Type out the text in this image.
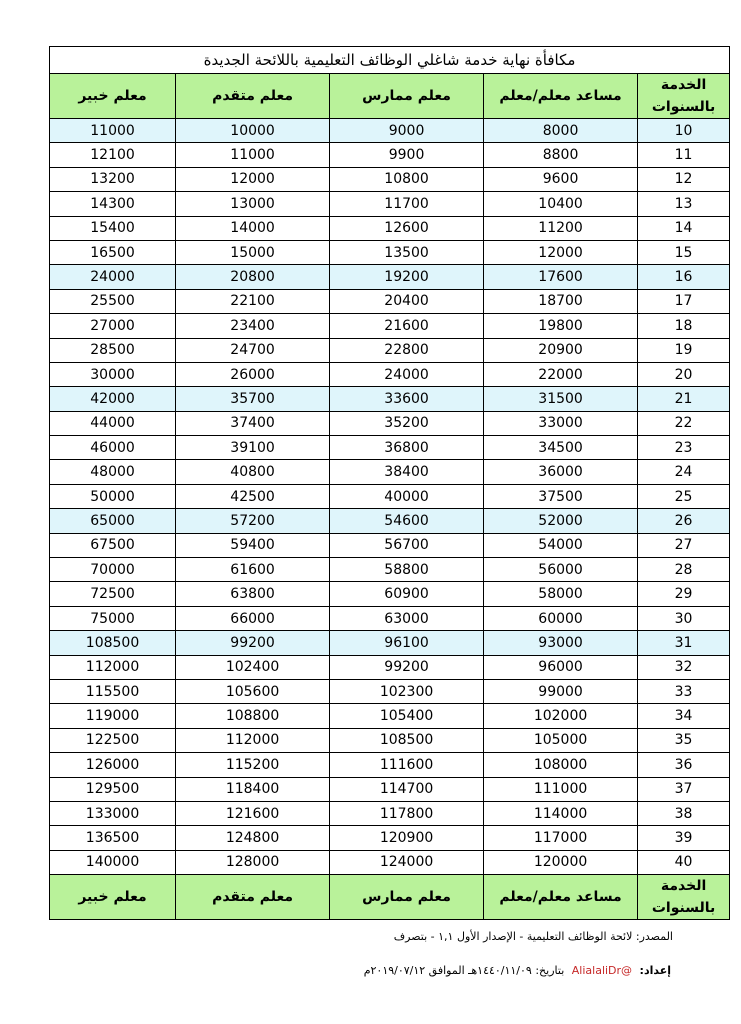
مكافأة نهاية خدمة شاغلي الوظائف التعليمية باللائحة الجديدة				
الخدمة بالسنوات	مساعد معلم/معلم	معلم ممارس	معلم متقدم	معلم خبير
10	8000	9000	10000	11000
11	8800	9900	11000	12100
12	9600	10800	12000	13200
13	10400	11700	13000	14300
14	11200	12600	14000	15400
15	12000	13500	15000	16500
16	17600	19200	20800	24000
17	18700	20400	22100	25500
18	19800	21600	23400	27000
19	20900	22800	24700	28500
20	22000	24000	26000	30000
21	31500	33600	35700	42000
22	33000	35200	37400	44000
23	34500	36800	39100	46000
24	36000	38400	40800	48000
25	37500	40000	42500	50000
26	52000	54600	57200	65000
27	54000	56700	59400	67500
28	56000	58800	61600	70000
29	58000	60900	63800	72500
30	60000	63000	66000	75000
31	93000	96100	99200	108500
32	96000	99200	102400	112000
33	99000	102300	105600	115500
34	102000	105400	108800	119000
35	105000	108500	112000	122500
36	108000	111600	115200	126000
37	111000	114700	118400	129500
38	114000	117800	121600	133000
39	117000	120900	124800	136500
40	120000	124000	128000	140000
الخدمة بالسنوات	مساعد معلم/معلم	معلم ممارس	معلم متقدم	معلم خبير
المصدر: لائحة الوظائف التعليمية - الإصدار الأول ١,١ - بتصرف
إعداد: @AlialaliDr بتاريخ: ١٤٤٠/١١/٠٩هـ الموافق ٢٠١٩/٠٧/١٢م
